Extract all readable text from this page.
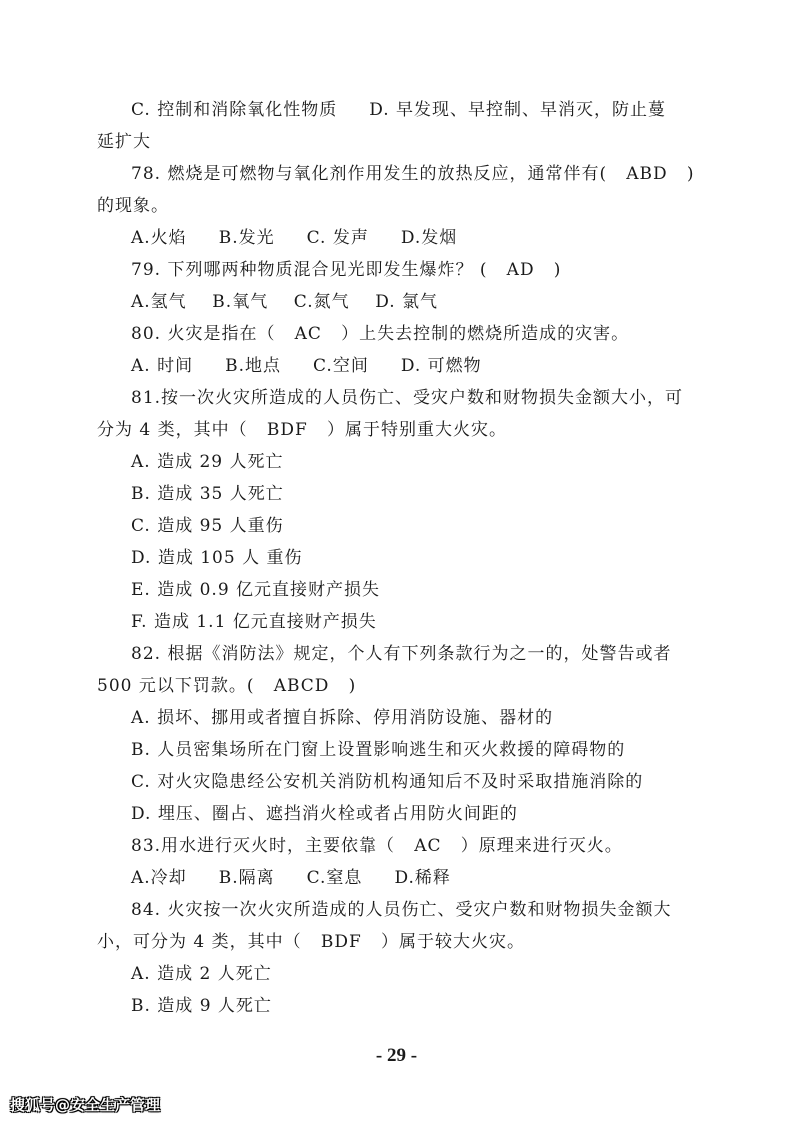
C. 控制和消除氧化性物质     D. 早发现、早控制、早消灭，防止蔓
延扩大
78. 燃烧是可燃物与氧化剂作用发生的放热反应，通常伴有(   ABD   )
的现象。
A.火焰     B.发光     C. 发声     D.发烟
79. 下列哪两种物质混合见光即发生爆炸？ (   AD   )
A.氢气    B.氧气    C.氮气    D. 氯气
80. 火灾是指在（   AC   ）上失去控制的燃烧所造成的灾害。
A. 时间     B.地点     C.空间     D. 可燃物
81.按一次火灾所造成的人员伤亡、受灾户数和财物损失金额大小，可
分为 4 类，其中（   BDF   ）属于特别重大火灾。
A. 造成 29 人死亡
B. 造成 35 人死亡
C. 造成 95 人重伤
D. 造成 105 人 重伤
E. 造成 0.9 亿元直接财产损失
F. 造成 1.1 亿元直接财产损失
82. 根据《消防法》规定，个人有下列条款行为之一的，处警告或者
500 元以下罚款。(   ABCD   )
A. 损坏、挪用或者擅自拆除、停用消防设施、器材的
B. 人员密集场所在门窗上设置影响逃生和灭火救援的障碍物的
C. 对火灾隐患经公安机关消防机构通知后不及时采取措施消除的
D. 埋压、圈占、遮挡消火栓或者占用防火间距的
83.用水进行灭火时，主要依靠（   AC   ）原理来进行灭火。
A.冷却     B.隔离     C.窒息     D.稀释
84. 火灾按一次火灾所造成的人员伤亡、受灾户数和财物损失金额大
小，可分为 4 类，其中（   BDF   ）属于较大火灾。
A. 造成 2 人死亡
B. 造成 9 人死亡
- 29 -
搜狐号@安全生产管理
